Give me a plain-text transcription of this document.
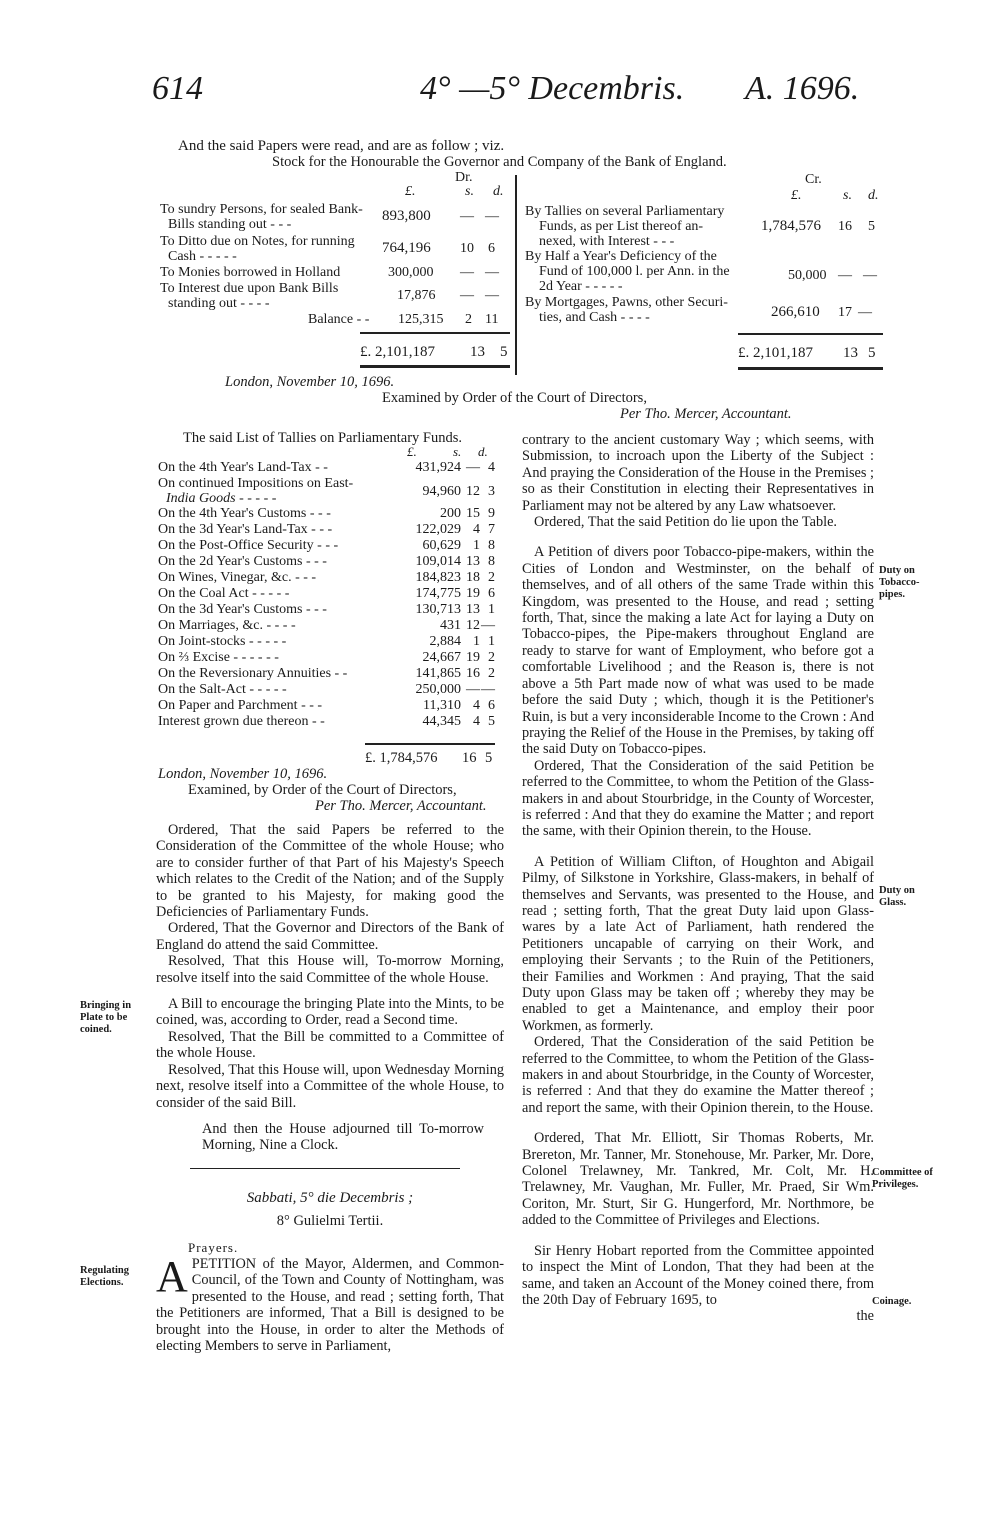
614	4° —5° Decembris. A. 1696.
And the said Papers were read, and are as follow ; viz.
Stock for the Honourable the Governor and Company of the Bank of England.
Dr.
£.	s. d.
To sundry Persons, for sealed Bank-
Bills standing out - - -
893,800 — —
To Ditto due on Notes, for running
Cash - - - - -
764,196 10 6
To Monies borrowed in Holland	300,000 — —
To Interest due upon Bank Bills
standing out - - - -
17,876 — —
Balance - - 125,315 2 11
£. 2,101,187 13 5
Cr.
£.	s. d.
By Tallies on several Parliamentary
Funds, as per List thereof an-
nexed, with Interest - - -
1,784,576 16 5
By Half a Year's Deficiency of the
Fund of 100,000 l. per Ann. in the
2d Year - - - - -
50,000 — —
By Mortgages, Pawns, other Securi-
ties, and Cash - - - -	266,610 17 —
£. 2,101,187 13 5
London, November 10, 1696.
Examined by Order of the Court of Directors,
Per Tho. Mercer, Accountant.
The said List of Tallies on Parliamentary Funds.
£.	s. d.
On the 4th Year's Land-Tax - -	431,924 — 4
On continued Impositions on East-
India Goods - - - - -	94,960 12 3
On the 4th Year's Customs - - -	200 15 9
On the 3d Year's Land-Tax - - -	122,029 4 7
On the Post-Office Security - - -	60,629 1 8
On the 2d Year's Customs - - -	109,014 13 8
On Wines, Vinegar, &c. - - -	184,823 18 2
On the Coal Act - - - - -	174,775 19 6
On the 3d Year's Customs - - -	130,713 13 1
On Marriages, &c. - - - -	431 12 —
On Joint-stocks - - - - -	2,884 1 1
On ⅔ Excise - - - - - -	24,667 19 2
On the Reversionary Annuities - -	141,865 16 2
On the Salt-Act - - - - -	250,000 — —
On Paper and Parchment - - -	11,310 4 6
Interest grown due thereon - -	44,345 4 5
£. 1,784,576 16 5
London, November 10, 1696.
Examined, by Order of the Court of Directors,
Per Tho. Mercer, Accountant.

Ordered, That the said Papers be referred to the Consideration of the Committee of the whole House; who are to consider further of that Part of his Majesty's Speech which relates to the Credit of the Nation; and of the Supply to be granted to his Majesty, for making good the Deficiencies of Parliamentary Funds.

Ordered, That the Governor and Directors of the Bank of England do attend the said Committee.

Resolved, That this House will, To-morrow Morning, resolve itself into the said Committee of the whole House.

A Bill to encourage the bringing Plate into the Mints, to be coined, was, according to Order, read a Second time.

Resolved, That the Bill be committed to a Committee of the whole House.

Resolved, That this House will, upon Wednesday Morning next, resolve itself into a Committee of the whole House, to consider of the said Bill.

And then the House adjourned till To-morrow Morning, Nine a Clock.

Sabbati, 5° die Decembris ;
8° Gulielmi Tertii.
Prayers.
A PETITION of the Mayor, Aldermen, and Common-Council, of the Town and County of Nottingham, was presented to the House, and read ; setting forth, That the Petitioners are informed, That a Bill is designed to be brought into the House, in order to alter the Methods of electing Members to serve in Parliament,

contrary to the ancient customary Way ; which seems, with Submission, to incroach upon the Liberty of the Subject : And praying the Consideration of the House in the Premises ; so as their Constitution in electing their Representatives in Parliament may not be altered by any Law whatsoever.

Ordered, That the said Petition do lie upon the Table.

A Petition of divers poor Tobacco-pipe-makers, within the Cities of London and Westminster, on the behalf of themselves, and of all others of the same Trade within this Kingdom, was presented to the House, and read ; setting forth, That, since the making a late Act for laying a Duty on Tobacco-pipes, the Pipe-makers throughout England are ready to starve for want of Employment, who before got a comfortable Livelihood ; and the Reason is, there is not above a 5th Part made now of what was used to be made before the said Duty ; which, though it is the Petitioner's Ruin, is but a very inconsiderable Income to the Crown : And praying the Relief of the House in the Premises, by taking off the said Duty on Tobacco-pipes.

Ordered, That the Consideration of the said Petition be referred to the Committee, to whom the Petition of the Glass-makers in and about Stourbridge, in the County of Worcester, is referred : And that they do examine the Matter ; and report the same, with their Opinion therein, to the House.

A Petition of William Clifton, of Houghton and Abigail Pilmy, of Silkstone in Yorkshire, Glass-makers, in behalf of themselves and Servants, was presented to the House, and read ; setting forth, That the great Duty laid upon Glass-wares by a late Act of Parliament, hath rendered the Petitioners uncapable of carrying on their Work, and employing their Servants ; to the Ruin of the Petitioners, their Families and Workmen : And praying, That the said Duty upon Glass may be taken off ; whereby they may be enabled to get a Maintenance, and employ their poor Workmen, as formerly.

Ordered, That the Consideration of the said Petition be referred to the Committee, to whom the Petition of the Glass-makers in and about Stourbridge, in the County of Worcester, is referred : And that they do examine the Matter thereof ; and report the same, with their Opinion therein, to the House.

Ordered, That Mr. Elliott, Sir Thomas Roberts, Mr. Brereton, Mr. Tanner, Mr. Stonehouse, Mr. Parker, Mr. Dore, Colonel Trelawney, Mr. Tankred, Mr. Colt, Mr. H. Trelawney, Mr. Vaughan, Mr. Fuller, Mr. Praed, Sir Wm. Coriton, Mr. Sturt, Sir G. Hungerford, Mr. Northmore, be added to the Committee of Privileges and Elections.

Sir Henry Hobart reported from the Committee appointed to inspect the Mint of London, That they had been at the same, and taken an Account of the Money coined there, from the 20th Day of February 1695, to

the

Bringing in Plate to be coined.
Regulating Elections.
Duty on Tobacco-pipes.
Duty on Glass.
Committee of Privileges.
Coinage.
